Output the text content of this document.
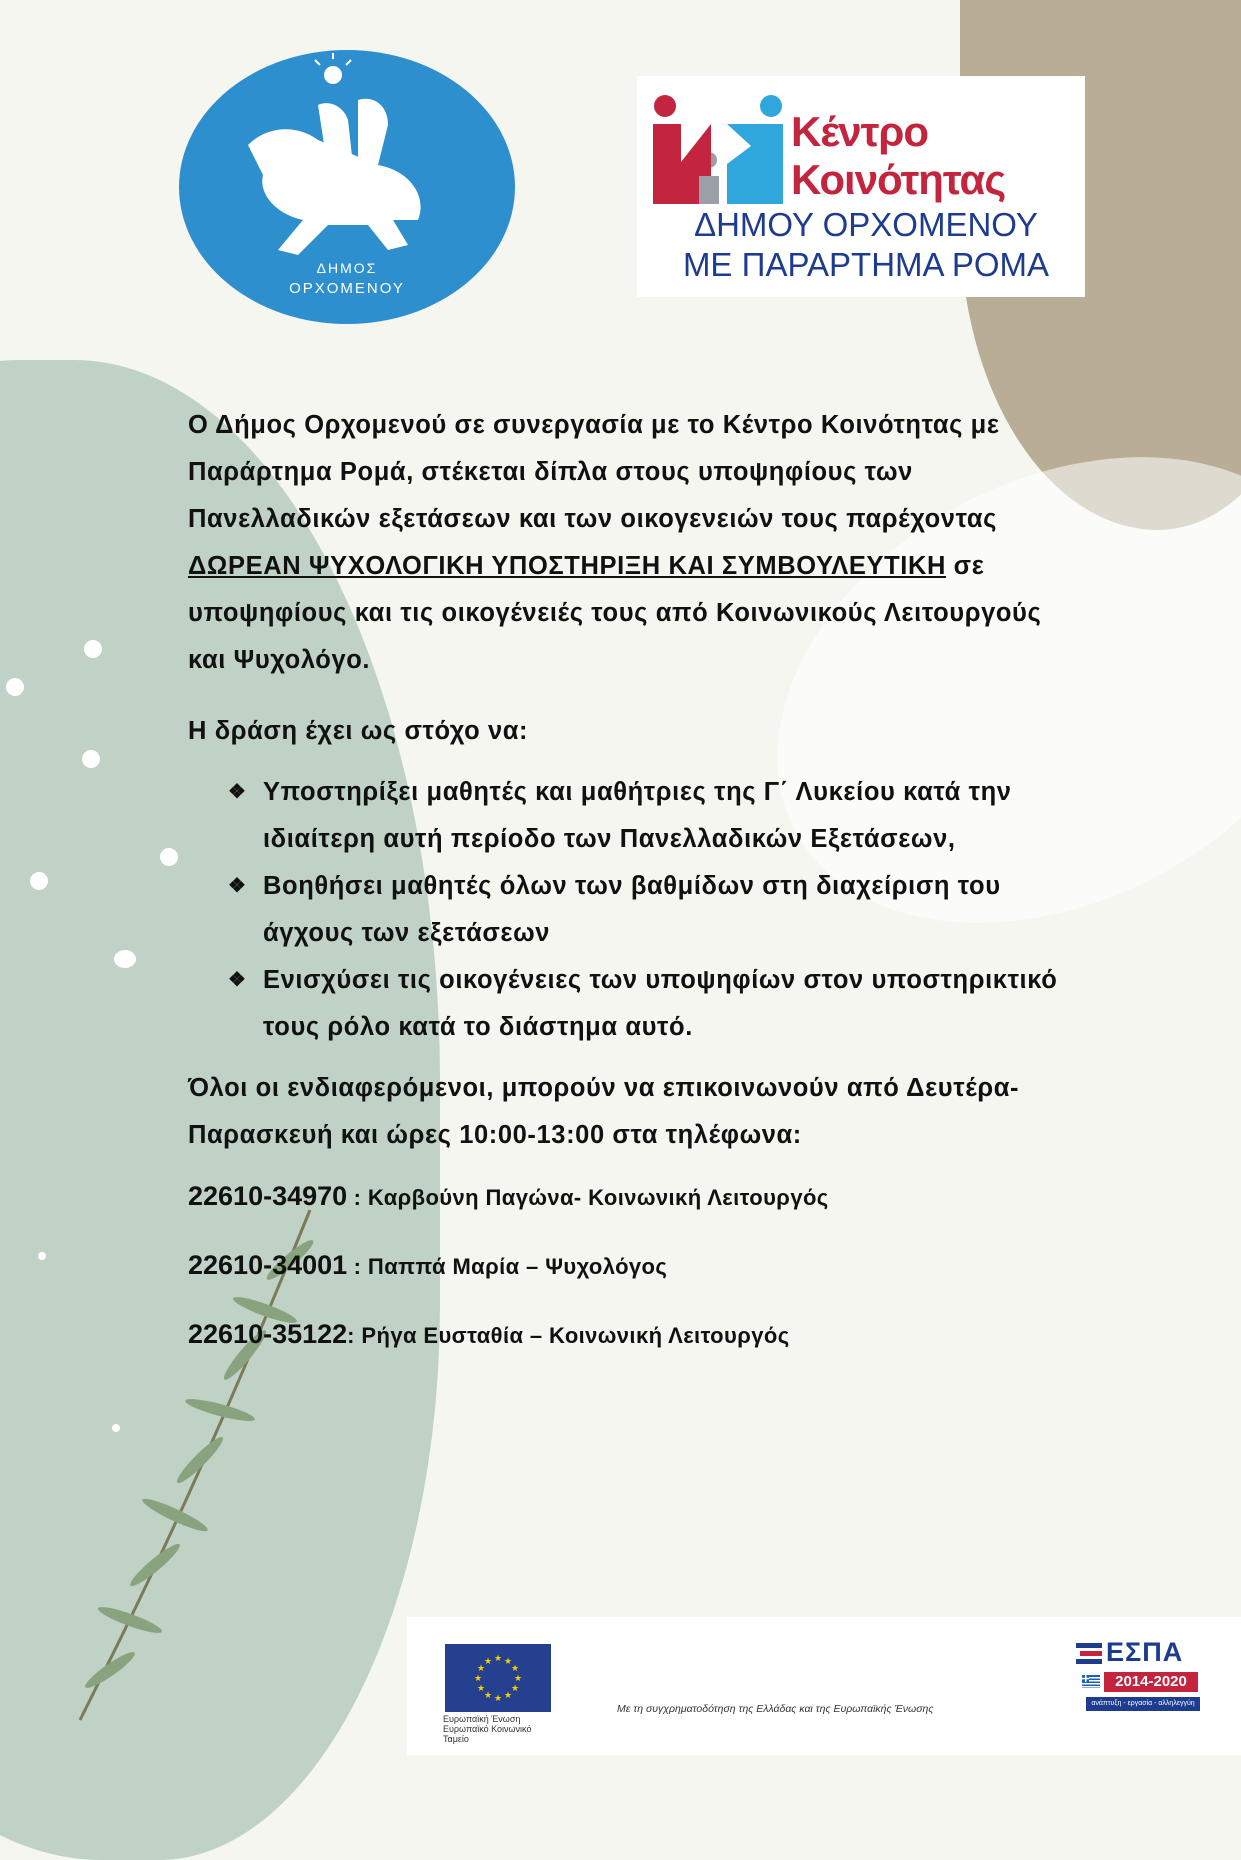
ΔΗΜΟΣ
ΟΡΧΟΜΕΝΟΥ
Κέντρο
Κοινότητας
ΔΗΜΟΥ ΟΡΧΟΜΕΝΟΥ
ΜΕ ΠΑΡΑΡΤΗΜΑ ΡΟΜΑ

Ο Δήμος Ορχομενού σε συνεργασία με το Κέντρο Κοινότητας με Παράρτημα Ρομά, στέκεται δίπλα στους υποψηφίους των Πανελλαδικών εξετάσεων και των οικογενειών τους παρέχοντας ΔΩΡΕΑΝ ΨΥΧΟΛΟΓΙΚΗ ΥΠΟΣΤΗΡΙΞΗ ΚΑΙ ΣΥΜΒΟΥΛΕΥΤΙΚΗ σε υποψηφίους και τις οικογένειές τους από Κοινωνικούς Λειτουργούς και Ψυχολόγο.

Η δράση έχει ως στόχο να:

❖ Υποστηρίξει μαθητές και μαθήτριες της Γ΄ Λυκείου κατά την ιδιαίτερη αυτή περίοδο των Πανελλαδικών Εξετάσεων,
❖ Βοηθήσει μαθητές όλων των βαθμίδων στη διαχείριση του άγχους των εξετάσεων
❖ Ενισχύσει τις οικογένειες των υποψηφίων στον υποστηρικτικό τους ρόλο κατά το διάστημα αυτό.

Όλοι οι ενδιαφερόμενοι, μπορούν να επικοινωνούν από Δευτέρα-Παρασκευή και ώρες 10:00-13:00 στα τηλέφωνα:

22610-34970 : Καρβούνη Παγώνα- Κοινωνική Λειτουργός
22610-34001 : Παππά Μαρία – Ψυχολόγος
22610-35122: Ρήγα Ευσταθία – Κοινωνική Λειτουργός
★ ★
★
★
★
★
★
★
★
★
★
★
Ευρωπαϊκή Ένωση Ευρωπαϊκό Κοινωνικό Ταμείο
Με τη συγχρηματοδότηση της Ελλάδας και της Ευρωπαϊκής Ένωσης
ΕΣΠΑ
2014-2020
ανάπτυξη - εργασία - αλληλεγγύη
